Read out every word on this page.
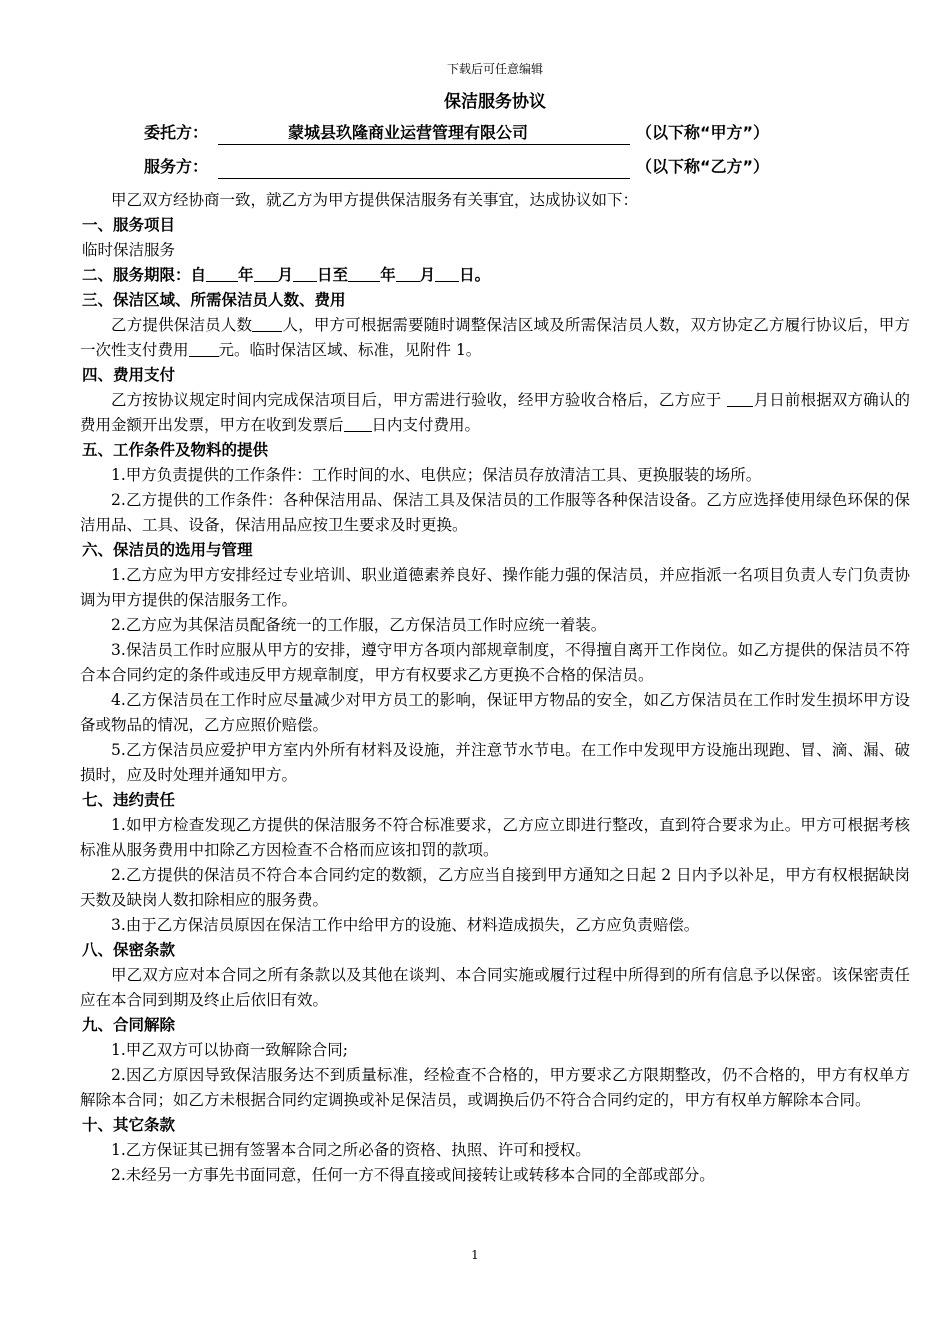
下载后可任意编辑

保洁服务协议

委托方：	蒙城县玖隆商业运营管理有限公司	（以下称“甲方”）
服务方：	（以下称“乙方”）

甲乙双方经协商一致，就乙方为甲方提供保洁服务有关事宜，达成协议如下：

一、服务项目

临时保洁服务

二、服务期限：自 年 月 日至 年 月 日。

三、保洁区域、所需保洁员人数、费用

乙方提供保洁员人数 人，甲方可根据需要随时调整保洁区域及所需保洁员人数，双方协定乙方履行协议后，甲方一次性支付费用 元。临时保洁区域、标准，见附件 1。

四、费用支付

乙方按协议规定时间内完成保洁项目后，甲方需进行验收，经甲方验收合格后，乙方应于 月日前根据双方确认的费用金额开出发票，甲方在收到发票后 日内支付费用。

五、工作条件及物料的提供

1.甲方负责提供的工作条件：工作时间的水、电供应；保洁员存放清洁工具、更换服装的场所。

2.乙方提供的工作条件：各种保洁用品、保洁工具及保洁员的工作服等各种保洁设备。乙方应选择使用绿色环保的保洁用品、工具、设备，保洁用品应按卫生要求及时更换。

六、保洁员的选用与管理

1.乙方应为甲方安排经过专业培训、职业道德素养良好、操作能力强的保洁员，并应指派一名项目负责人专门负责协调为甲方提供的保洁服务工作。

2.乙方应为其保洁员配备统一的工作服，乙方保洁员工作时应统一着装。

3.保洁员工作时应服从甲方的安排，遵守甲方各项内部规章制度，不得擅自离开工作岗位。如乙方提供的保洁员不符合本合同约定的条件或违反甲方规章制度，甲方有权要求乙方更换不合格的保洁员。

4.乙方保洁员在工作时应尽量减少对甲方员工的影响，保证甲方物品的安全，如乙方保洁员在工作时发生损坏甲方设备或物品的情况，乙方应照价赔偿。

5.乙方保洁员应爱护甲方室内外所有材料及设施，并注意节水节电。在工作中发现甲方设施出现跑、冒、滴、漏、破损时，应及时处理并通知甲方。

七、违约责任

1.如甲方检查发现乙方提供的保洁服务不符合标准要求，乙方应立即进行整改，直到符合要求为止。甲方可根据考核标准从服务费用中扣除乙方因检查不合格而应该扣罚的款项。

2.乙方提供的保洁员不符合本合同约定的数额，乙方应当自接到甲方通知之日起 2 日内予以补足，甲方有权根据缺岗天数及缺岗人数扣除相应的服务费。

3.由于乙方保洁员原因在保洁工作中给甲方的设施、材料造成损失，乙方应负责赔偿。

八、保密条款

甲乙双方应对本合同之所有条款以及其他在谈判、本合同实施或履行过程中所得到的所有信息予以保密。该保密责任应在本合同到期及终止后依旧有效。

九、合同解除

1.甲乙双方可以协商一致解除合同;

2.因乙方原因导致保洁服务达不到质量标准，经检查不合格的，甲方要求乙方限期整改，仍不合格的，甲方有权单方解除本合同；如乙方未根据合同约定调换或补足保洁员，或调换后仍不符合合同约定的，甲方有权单方解除本合同。

十、其它条款

1.乙方保证其已拥有签署本合同之所必备的资格、执照、许可和授权。

2.未经另一方事先书面同意，任何一方不得直接或间接转让或转移本合同的全部或部分。

1
